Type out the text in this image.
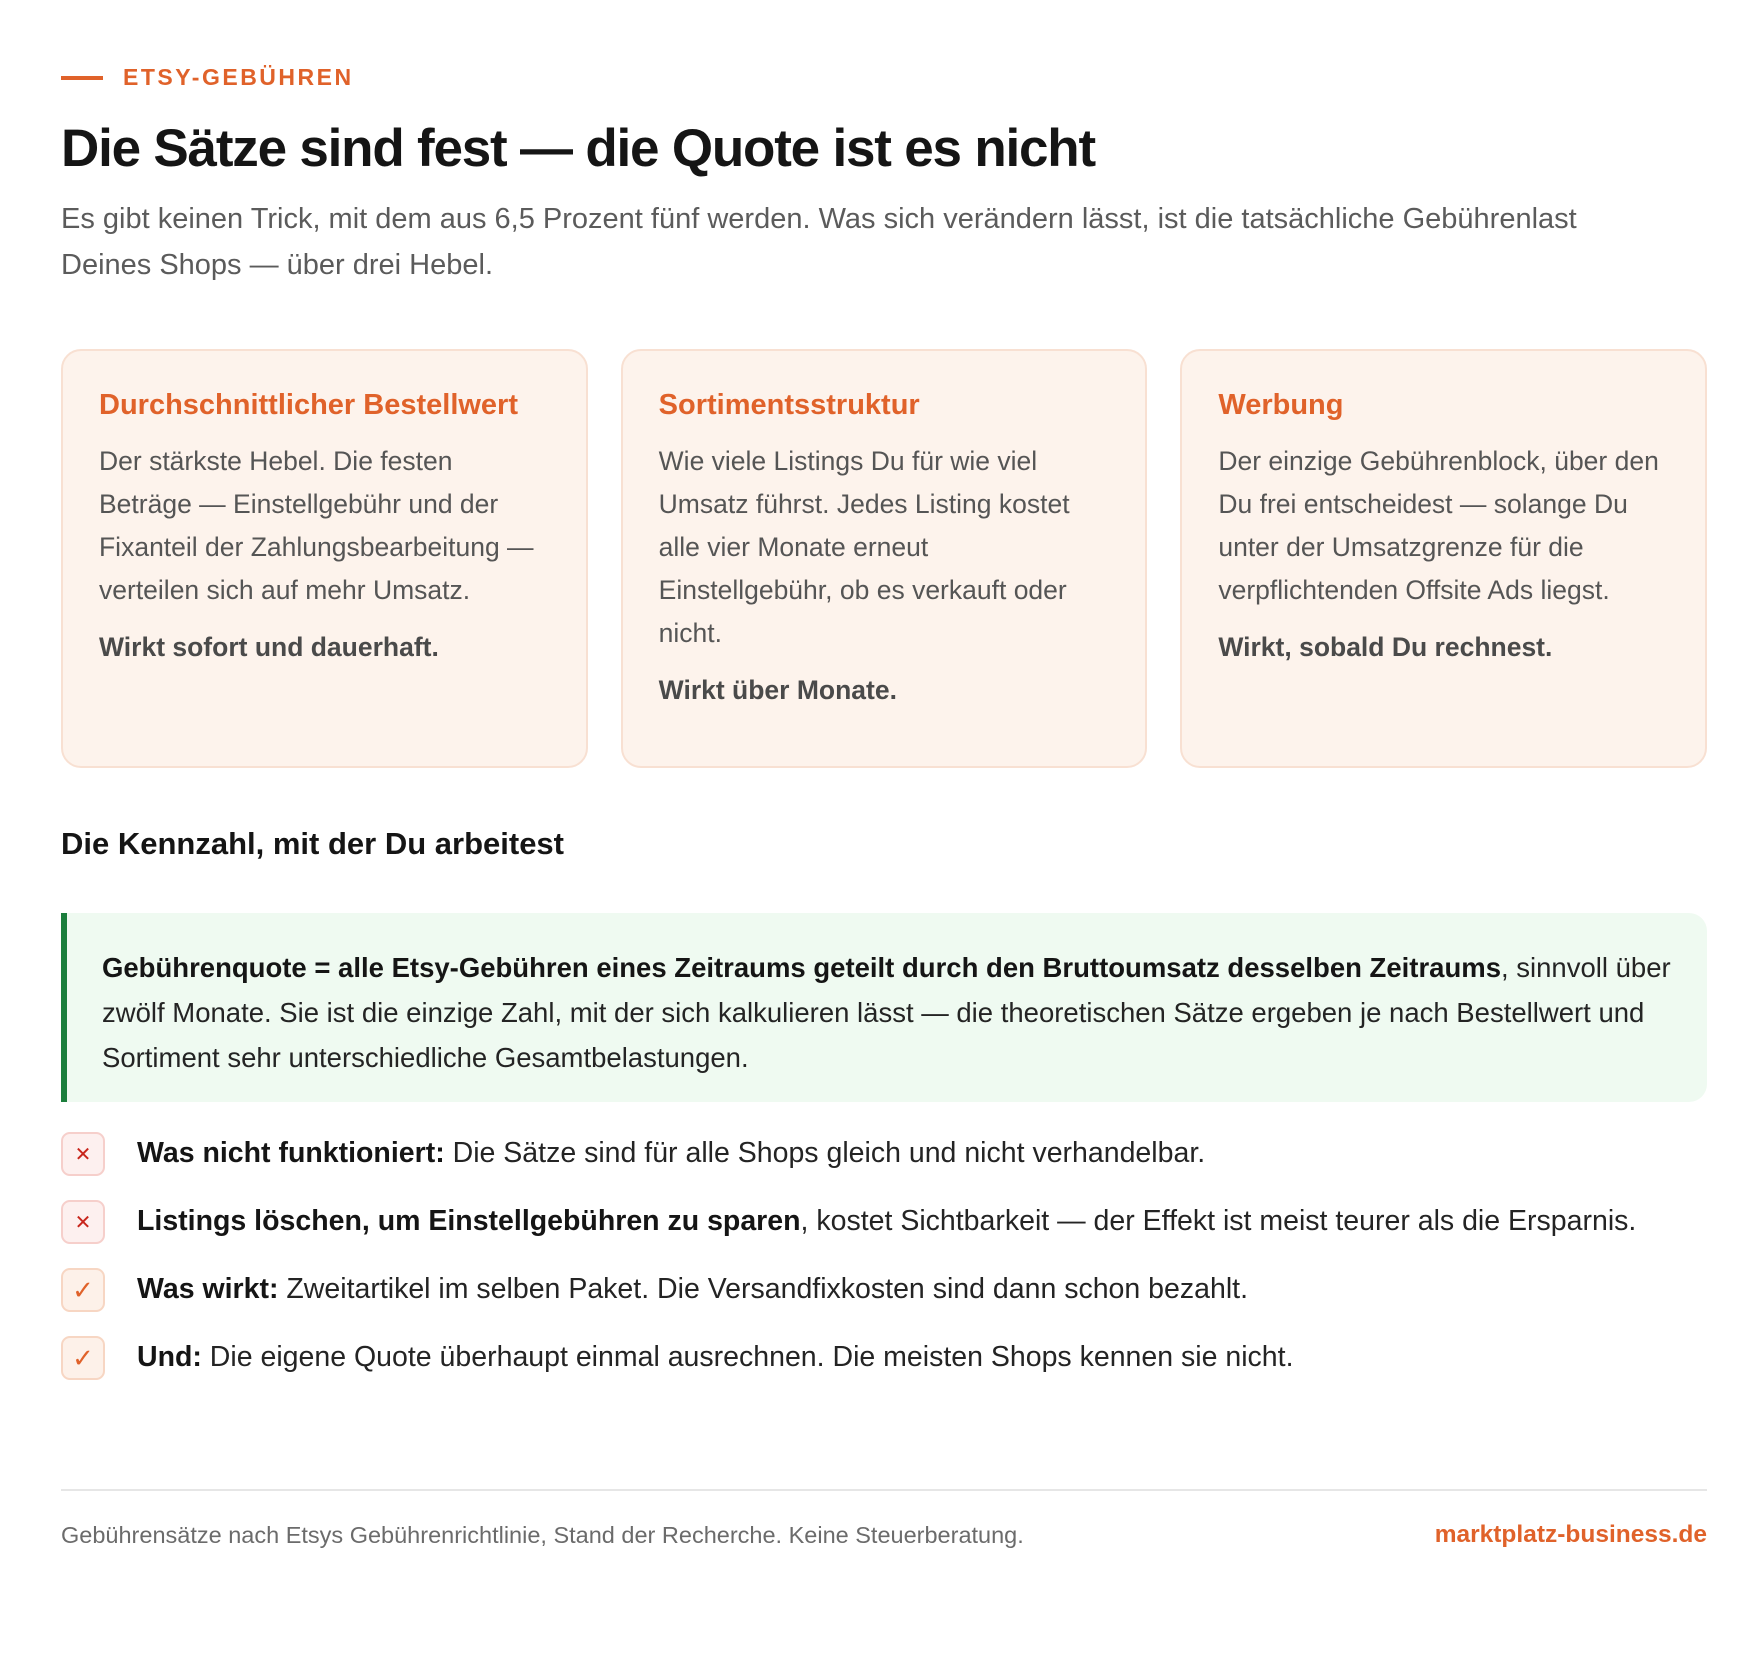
ETSY-GEBÜHREN
Die Sätze sind fest — die Quote ist es nicht

Es gibt keinen Trick, mit dem aus 6,5 Prozent fünf werden. Was sich verändern lässt, ist die tatsächliche Gebührenlast Deines Shops — über drei Hebel.

Durchschnittlicher Bestellwert
Der stärkste Hebel. Die festen Beträge — Einstellgebühr und der Fixanteil der Zahlungsbearbeitung — verteilen sich auf mehr Umsatz.
Wirkt sofort und dauerhaft.
Sortimentsstruktur
Wie viele Listings Du für wie viel Umsatz führst. Jedes Listing kostet alle vier Monate erneut Einstellgebühr, ob es verkauft oder nicht.
Wirkt über Monate.
Werbung
Der einzige Gebührenblock, über den Du frei entscheidest — solange Du unter der Umsatzgrenze für die verpflichtenden Offsite Ads liegst.
Wirkt, sobald Du rechnest.
Die Kennzahl, mit der Du arbeitest
Gebührenquote = alle Etsy-Gebühren eines Zeitraums geteilt durch den Bruttoumsatz desselben Zeitraums, sinnvoll über zwölf Monate. Sie ist die einzige Zahl, mit der sich kalkulieren lässt — die theoretischen Sätze ergeben je nach Bestellwert und Sortiment sehr unterschiedliche Gesamtbelastungen.
✕	Was nicht funktioniert: Die Sätze sind für alle Shops gleich und nicht verhandelbar.
✕	Listings löschen, um Einstellgebühren zu sparen, kostet Sichtbarkeit — der Effekt ist meist teurer als die Ersparnis.
✓	Was wirkt: Zweitartikel im selben Paket. Die Versandfixkosten sind dann schon bezahlt.
✓	Und: Die eigene Quote überhaupt einmal ausrechnen. Die meisten Shops kennen sie nicht.
Gebührensätze nach Etsys Gebührenrichtlinie, Stand der Recherche. Keine Steuerberatung.	marktplatz-business.de
